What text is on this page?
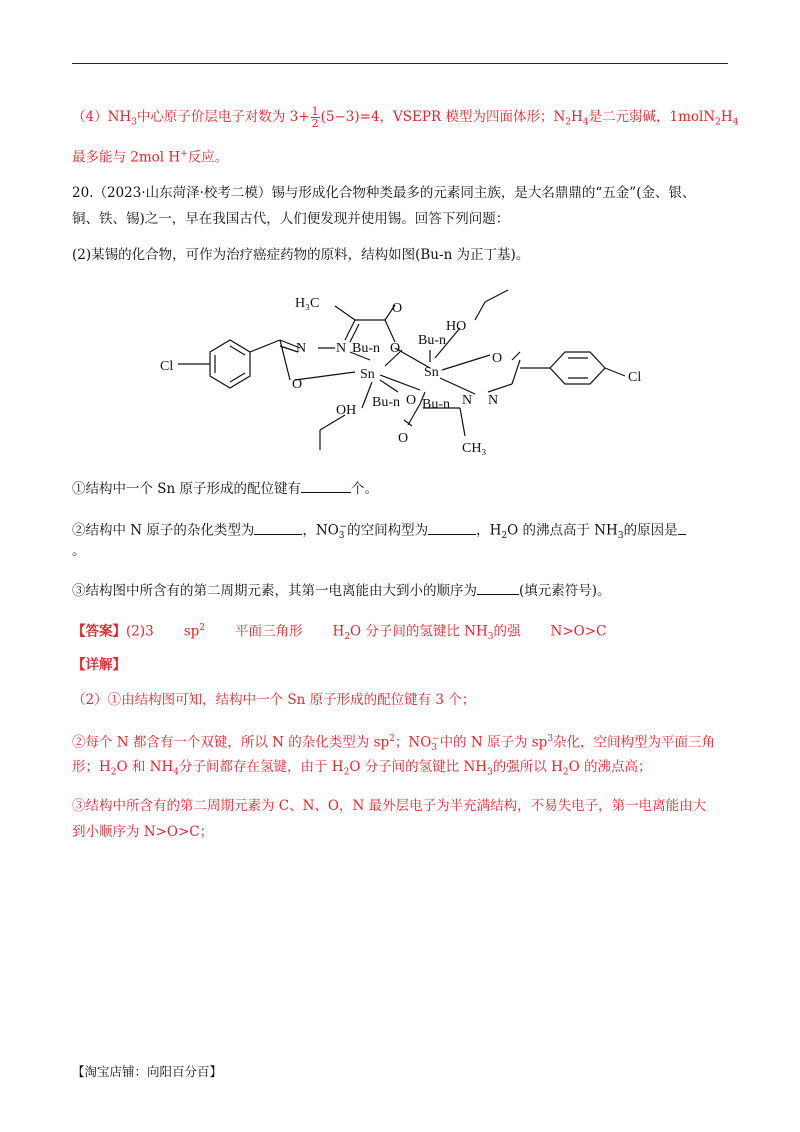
$(4)NH_3$中心原子价层电子对数为 $3+ \frac{1}{2} (5-3)=4$，VSEPR 模型为四面体形；$N_2H_4$是二元弱碱，$1molN_2H_4$
最多能与 2mol H+反应。
20.（2023·山东菏泽·校考二模）锡与形成化合物种类最多的元素同主族，是大名鼎鼎的“五金”(金、银、
铜、铁、锡)之一，早在我国古代，人们便发现并使用锡。回答下列问题：
(2)某锡的化合物，可作为治疗癌症药物的原料，结构如图(Bu-n 为正丁基)。
Cl
Cl
H₃C	O
N N
O
Bu-n O
Sn
Bu-n
HO
Sn
O
Bu-n O Bu-n N N
OH
O
CH₃
①结构中一个 Sn 原子形成的配位键有	个。
②结构中 N 原子的杂化类型为	，$NO_3^-$的空间构型为	，$H_2O$ 的沸点高于 $NH_3$的原因是
。
③结构图中所含有的第二周期元素，其第一电离能由大到小的顺序为	(填元素符号)。
【答案】(2)3 $sp^2$ 平面三角形 $H_2O$ 分子间的氢键比 $NH_3$的强 N>O>C
【详解】
（2）①由结构图可知，结构中一个 Sn 原子形成的配位键有 3 个；
②每个 N 都含有一个双键，所以 N 的杂化类型为 $sp^2$；$NO_3^-$中的 N 原子为 $sp^3$杂化，空间构型为平面三角
形；$H_2O$ 和 $NH_4$分子间都存在氢键，由于 $H_2O$ 分子间的氢键比 $NH_3$的强所以 $H_2O$ 的沸点高；
③结构中所含有的第二周期元素为 C、N、O，N 最外层电子为半充满结构，不易失电子，第一电离能由大
到小顺序为 N>O>C；
【淘宝店铺：向阳百分百】
